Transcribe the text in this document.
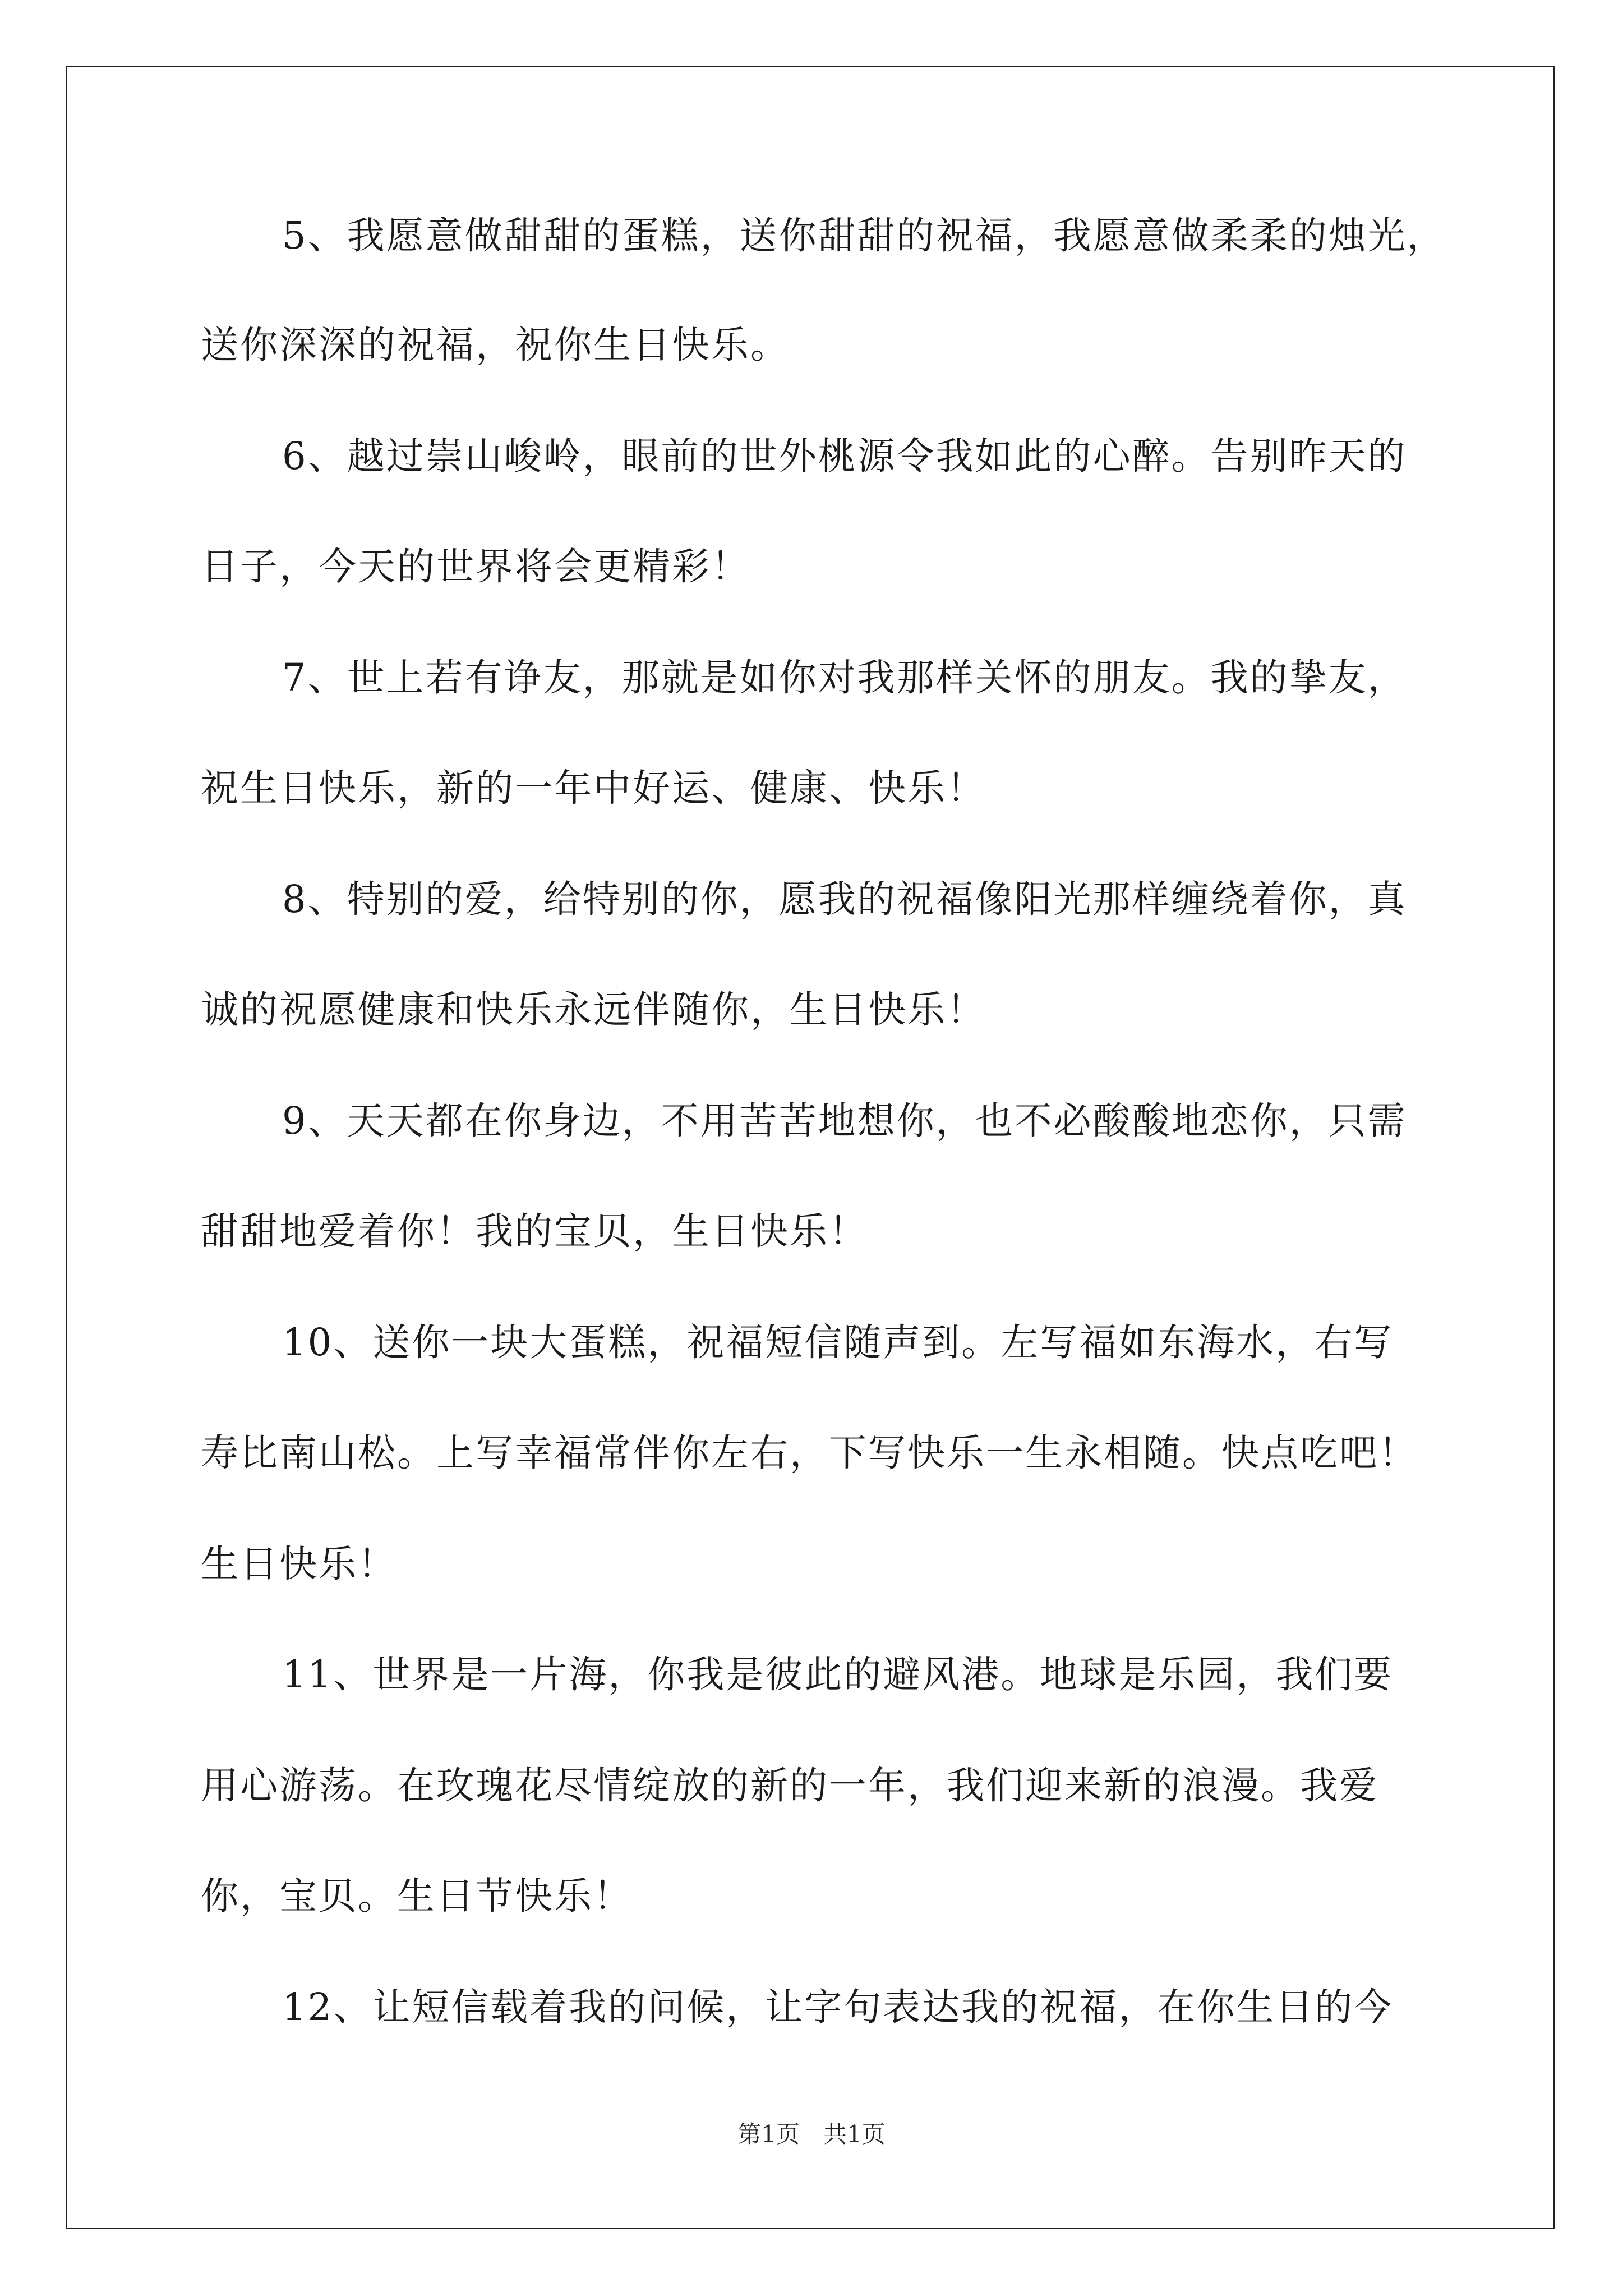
5、我愿意做甜甜的蛋糕，送你甜甜的祝福，我愿意做柔柔的烛光，
送你深深的祝福，祝你生日快乐。
6、越过崇山峻岭，眼前的世外桃源令我如此的心醉。告别昨天的
日子，今天的世界将会更精彩！
7、世上若有诤友，那就是如你对我那样关怀的朋友。我的挚友，
祝生日快乐，新的一年中好运、健康、快乐！
8、特别的爱，给特别的你，愿我的祝福像阳光那样缠绕着你，真
诚的祝愿健康和快乐永远伴随你，生日快乐！
9、天天都在你身边，不用苦苦地想你，也不必酸酸地恋你，只需
甜甜地爱着你！我的宝贝，生日快乐！
10、送你一块大蛋糕，祝福短信随声到。左写福如东海水，右写
寿比南山松。上写幸福常伴你左右，下写快乐一生永相随。快点吃吧！
生日快乐！
11、世界是一片海，你我是彼此的避风港。地球是乐园，我们要
用心游荡。在玫瑰花尽情绽放的新的一年，我们迎来新的浪漫。我爱
你，宝贝。生日节快乐！
12、让短信载着我的问候，让字句表达我的祝福，在你生日的今
第1页　共1页
